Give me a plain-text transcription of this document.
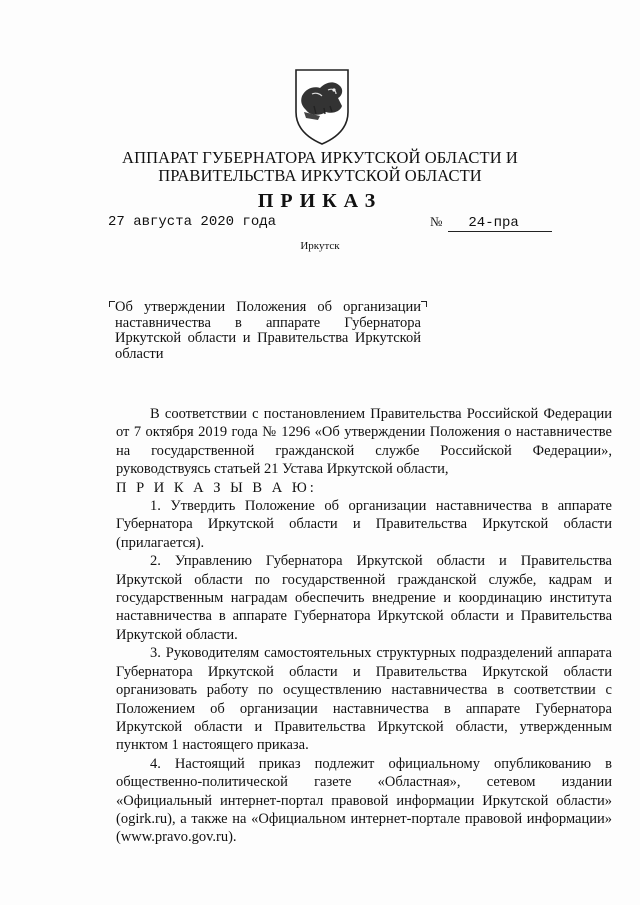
АППАРАТ ГУБЕРНАТОРА ИРКУТСКОЙ ОБЛАСТИ И
ПРАВИТЕЛЬСТВА ИРКУТСКОЙ ОБЛАСТИ
ПРИКАЗ
27 августа 2020 года	№	24-пра
Иркутск

Об утверждении Положения об организации наставничества в аппарате Губернатора Иркутской области и Правительства Иркутской области

В соответствии с постановлением Правительства Российской Федерации от 7 октября 2019 года № 1296 «Об утверждении Положения о наставничестве на государственной гражданской службе Российской Федерации», руководствуясь статьей 21 Устава Иркутской области,

П Р И К А З Ы В А Ю:

1. Утвердить Положение об организации наставничества в аппарате Губернатора Иркутской области и Правительства Иркутской области (прилагается).

2. Управлению Губернатора Иркутской области и Правительства Иркутской области по государственной гражданской службе, кадрам и государственным наградам обеспечить внедрение и координацию института наставничества в аппарате Губернатора Иркутской области и Правительства Иркутской области.

3. Руководителям самостоятельных структурных подразделений аппарата Губернатора Иркутской области и Правительства Иркутской области организовать работу по осуществлению наставничества в соответствии с Положением об организации наставничества в аппарате Губернатора Иркутской области и Правительства Иркутской области, утвержденным пунктом 1 настоящего приказа.

4. Настоящий приказ подлежит официальному опубликованию в общественно-политической газете «Областная», сетевом издании «Официальный интернет-портал правовой информации Иркутской области» (ogirk.ru), а также на «Официальном интернет-портале правовой информации» (www.pravo.gov.ru).
